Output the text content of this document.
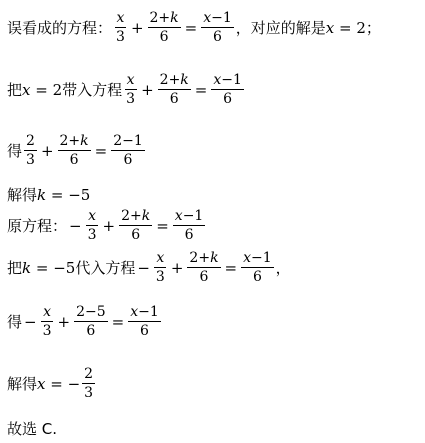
误看成的方程： $\frac{x}{3} + \frac{2+k}{6} = \frac{x-1}{6}$ ，对应的解是 x = 2 ；
把 x = 2 带入方程 $\frac{x}{3} + \frac{2+k}{6} = \frac{x-1}{6}$
得 $\frac{2}{3} + \frac{2+k}{6} = \frac{2-1}{6}$
解得 k = −5
原方程： − $\frac{x}{3} + \frac{2+k}{6} = \frac{x-1}{6}$
把 k = −5 代入方程 − $\frac{x}{3} + \frac{2+k}{6} = \frac{x-1}{6}$ ，
得 − $\frac{x}{3} + \frac{2-5}{6} = \frac{x-1}{6}$
解得 x = − $\frac{2}{3}$
故选 C.
